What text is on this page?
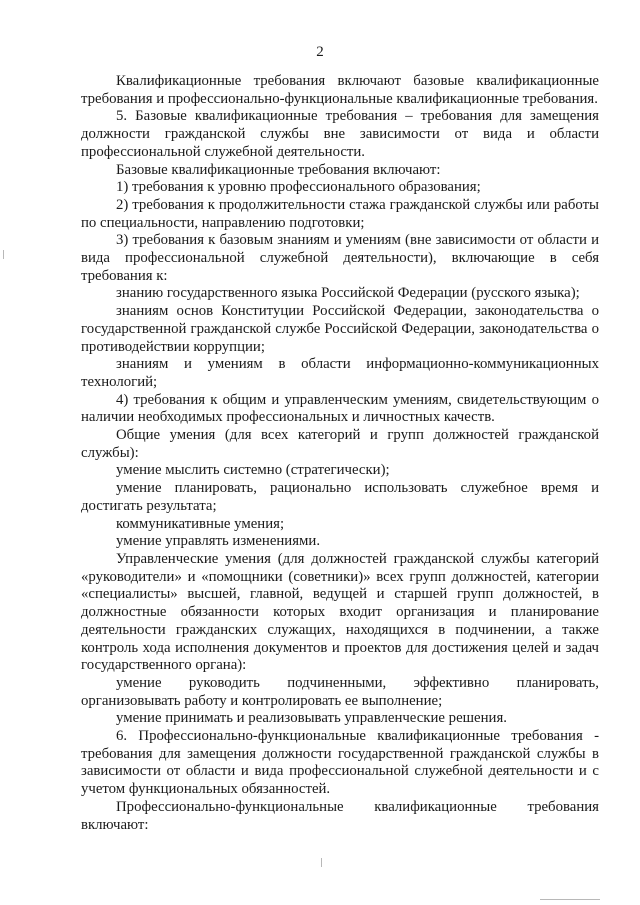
2

Квалификационные требования включают базовые квалификационные требования и профессионально-функциональные квалификационные требования.

5. Базовые квалификационные требования – требования для замещения должности гражданской службы вне зависимости от вида и области профессиональной служебной деятельности.

Базовые квалификационные требования включают:

1) требования к уровню профессионального образования;

2) требования к продолжительности стажа гражданской службы или работы по специальности, направлению подготовки;

3) требования к базовым знаниям и умениям (вне зависимости от области и вида профессиональной служебной деятельности), включающие в себя требования к:

знанию государственного языка Российской Федерации (русского языка);

знаниям основ Конституции Российской Федерации, законодательства о государственной гражданской службе Российской Федерации, законодательства о противодействии коррупции;

знаниям и умениям в области информационно-коммуникационных технологий;

4) требования к общим и управленческим умениям, свидетельствующим о наличии необходимых профессиональных и личностных качеств.

Общие умения (для всех категорий и групп должностей гражданской службы):

умение мыслить системно (стратегически);

умение планировать, рационально использовать служебное время и достигать результата;

коммуникативные умения;

умение управлять изменениями.

Управленческие умения (для должностей гражданской службы категорий «руководители» и «помощники (советники)» всех групп должностей, категории «специалисты» высшей, главной, ведущей и старшей групп должностей, в должностные обязанности которых входит организация и планирование деятельности гражданских служащих, находящихся в подчинении, а также контроль хода исполнения документов и проектов для достижения целей и задач государственного органа):

умение руководить подчиненными, эффективно планировать, организовывать работу и контролировать ее выполнение;

умение принимать и реализовывать управленческие решения.

6. Профессионально-функциональные квалификационные требования - требования для замещения должности государственной гражданской службы в зависимости от области и вида профессиональной служебной деятельности и с учетом функциональных обязанностей.

Профессионально-функциональные квалификационные требования включают:
